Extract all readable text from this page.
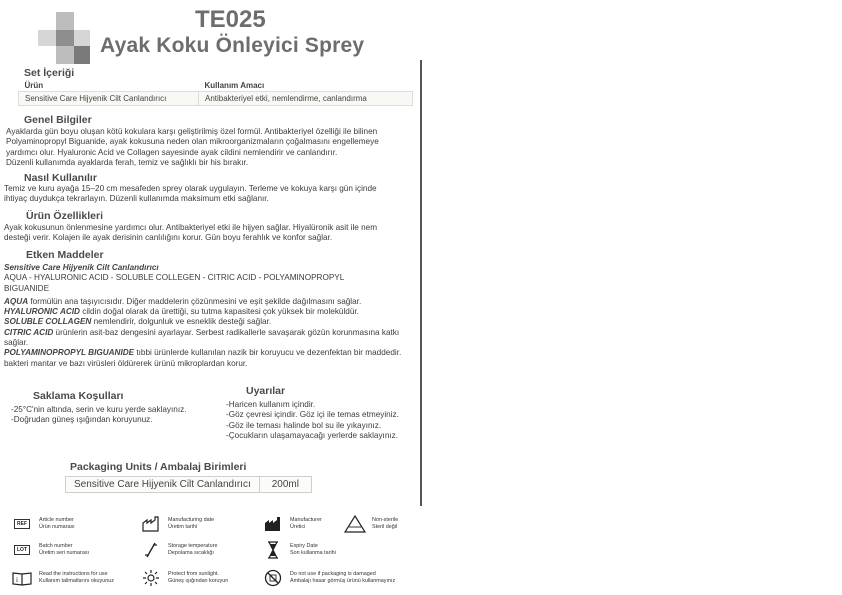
TE025
Ayak Koku Önleyici Sprey
Set İçeriği
Ürün	Kullanım Amacı
Sensitive Care Hijyenik Cilt Canlandırıcı	Antibakteriyel etki, nemlendirme, canlandırma
Genel Bilgiler
Ayaklarda gün boyu oluşan kötü kokulara karşı geliştirilmiş özel formül. Antibakteriyel özelliği ile bilinen
Polyaminopropyl Biguanide, ayak kokusuna neden olan mikroorganizmaların çoğalmasını engellemeye
yardımcı olur. Hyaluronic Acid ve Collagen sayesinde ayak cildini nemlendirir ve canlandırır.
Düzenli kullanımda ayaklarda ferah, temiz ve sağlıklı bir his bırakır.
Nasıl Kullanılır
Temiz ve kuru ayağa 15–20 cm mesafeden sprey olarak uygulayın. Terleme ve kokuya karşı gün içinde
ihtiyaç duydukça tekrarlayın. Düzenli kullanımda maksimum etki sağlanır.
Ürün Özellikleri
Ayak kokusunun önlenmesine yardımcı olur. Antibakteriyel etki ile hijyen sağlar. Hiyalüronik asit ile nem
desteği verir. Kolajen ile ayak derisinin canlılığını korur. Gün boyu ferahlık ve konfor sağlar.
Etken Maddeler
Sensitive Care Hijyenik Cilt Canlandırıcı
AQUA - HYALURONIC ACID - SOLUBLE COLLEGEN - CITRIC ACID - POLYAMINOPROPYL
BIGUANIDE
AQUA formülün ana taşıyıcısıdır. Diğer maddelerin çözünmesini ve eşit şekilde dağılmasını sağlar.
HYALURONIC ACID cildin doğal olarak da ürettiği, su tutma kapasitesi çok yüksek bir moleküldür.
SOLUBLE COLLAGEN nemlendirir, dolgunluk ve esneklik desteği sağlar.
CITRIC ACID ürünlerin asit-baz dengesini ayarlayar. Serbest radikallerle savaşarak gözün korunmasına katkı sağlar.
POLYAMINOPROPYL BIGUANIDE tıbbi ürünlerde kullanılan nazik bir koruyucu ve dezenfektan bir maddedir. bakteri mantar ve bazı virüsleri öldürerek ürünü mikroplardan korur.
Saklama Koşulları
-25°C'nin altında, serin ve kuru yerde saklayınız.
-Doğrudan güneş ışığından koruyunuz.
Uyarılar
-Haricen kullanım içindir.
-Göz çevresi içindir. Göz içi ile temas etmeyiniz.
-Göz ile teması halinde bol su ile yıkayınız.
-Çocukların ulaşamayacağı yerlerde saklayınız.
Packaging Units / Ambalaj Birimleri
Sensitive Care Hijyenik Cilt Canlandırıcı	200ml
REF
Article number
Ürün numarası
LOT
Batch number
Üretim seri numarası
i
Read the instructions for use
Kullanım talimatlarını okuyunuz
Manufacturing date
Üretim tarihi
Storage temperature
Depolama sıcaklığı
Protect from sunlight.
Güneş ışığından koruyun
Manufacturer
Üretici
Expiry Date
Son kullanma tarihi
Do not use if packaging is damaged
Ambalajı hasar görmüş ürünü kullanmayınız
Non-sterile
Steril değil
